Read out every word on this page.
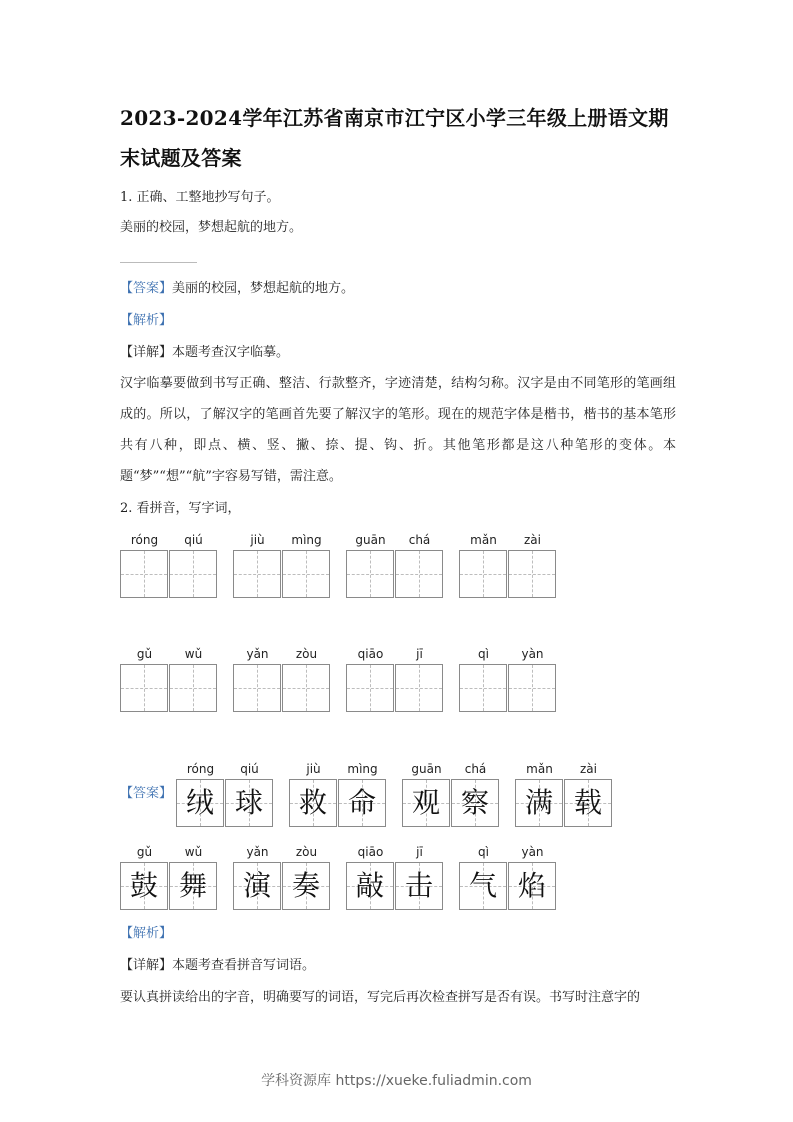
2023-2024学年江苏省南京市江宁区小学三年级上册语文期末试题及答案
1. 正确、工整地抄写句子。
美丽的校园，梦想起航的地方。
【答案】美丽的校园，梦想起航的地方。
【解析】
【详解】本题考查汉字临摹。
汉字临摹要做到书写正确、整洁、行款整齐，字迹清楚，结构匀称。汉字是由不同笔形的笔画组成的。所以，了解汉字的笔画首先要了解汉字的笔形。现在的规范字体是楷书，楷书的基本笔形共有八种，即点、横、竖、撇、捺、提、钩、折。其他笔形都是这八种笔形的变体。本题“梦”“想”“航”字容易写错，需注意。
2. 看拼音，写字词，
róng	qiú	jiù	mìng	guān	chá	mǎn	zài
gǔ	wǔ	yǎn	zòu	qiāo	jī	qì	yàn
【答案】
róng	qiú
绒 球
jiù	mìng
救 命
guān	chá
观 察
mǎn	zài
满 载
gǔ	wǔ
鼓 舞
yǎn	zòu
演 奏
qiāo	jī
敲 击
qì	yàn
气 焰
【解析】
【详解】本题考查看拼音写词语。
要认真拼读给出的字音，明确要写的词语，写完后再次检查拼写是否有误。书写时注意字的
学科资源库 https://xueke.fuliadmin.com
